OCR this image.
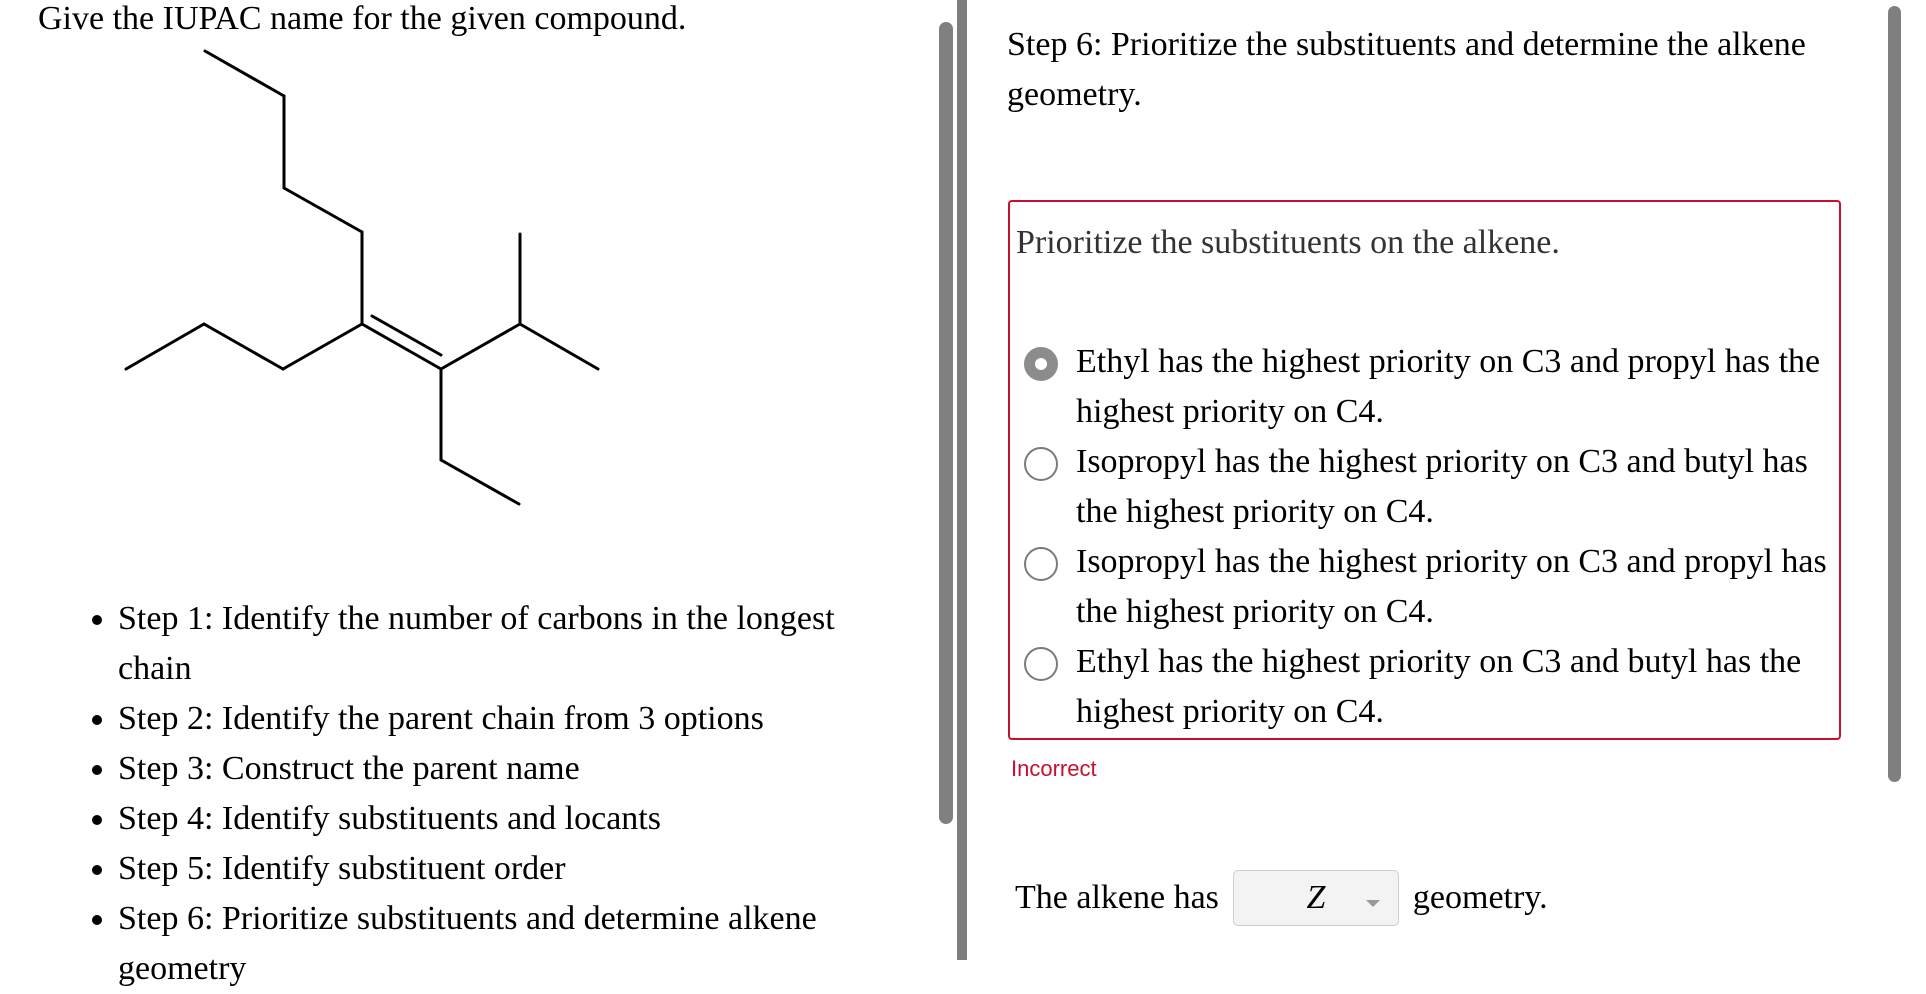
Give the IUPAC name for the given compound.
• Step 1: Identify the number of carbons in the longest chain
• Step 2: Identify the parent chain from 3 options
• Step 3: Construct the parent name
• Step 4: Identify substituents and locants
• Step 5: Identify substituent order
• Step 6: Prioritize substituents and determine alkene geometry
Step 6: Prioritize the substituents and determine the alkene geometry.
Prioritize the substituents on the alkene.
Ethyl has the highest priority on C3 and propyl has the highest priority on C4.
Isopropyl has the highest priority on C3 and butyl has the highest priority on C4.
Isopropyl has the highest priority on C3 and propyl has the highest priority on C4.
Ethyl has the highest priority on C3 and butyl has the highest priority on C4.
Incorrect
The alkene has	Z	geometry.
